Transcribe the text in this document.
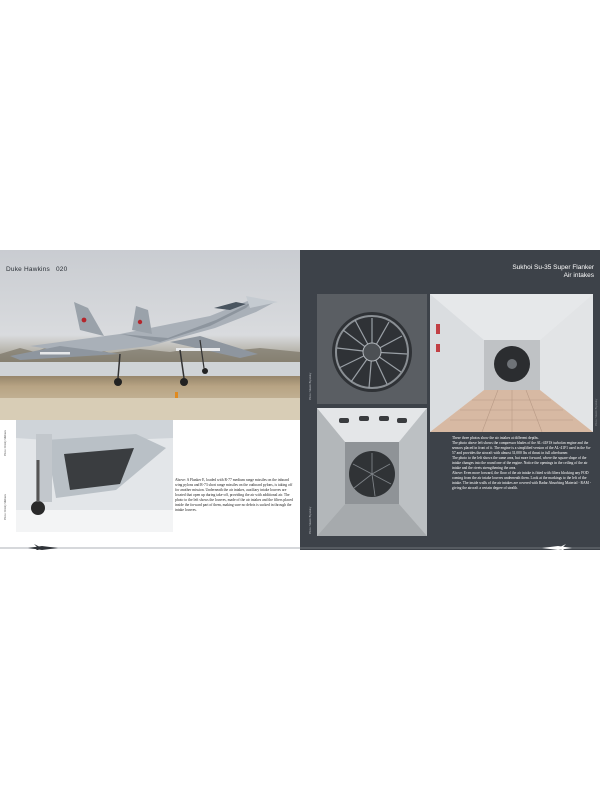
Duke Hawkins 020
Photo: Dmitry Mikheev
Photo: Dmitry Mikheev
Above: A Flanker E, loaded with R-77 medium range missiles on the inboard wing pylons and R-73 short range missiles on the outboard pylons, is taking off for another mission. Underneath the air intakes, auxiliary intake louvres are located that open up during take-off, providing the air with additional air. The photo to the left shows the louvres, made of the air intakes and the filters placed inside the forward part of them, making sure no debris is sucked in through the intake louvres.
Sukhoi Su-35 Super Flanker
Air intakes
Photo: Maxim Bryansky
Photo: Maxim Bryansky
Photo: Maxim Bryansky

These three photos show the air intakes at different depths.

The photo above left shows the compressor blades of the AL-41F1S turbofan engine and the sensors placed in front of it. The engine is a simplified version of the AL-41F1 used in the Su-57 and provides the aircraft with almost 31,000 lbs of thrust in full afterburner.

The photo to the left shows the same area, but more forward, where the square shape of the intake changes into the round one of the engine. Notice the openings in the ceiling of the air intake and the rivets strengthening the area.

Above: Even more forward, the floor of the air intake is fitted with filters blocking any FOD coming from the air intake louvres underneath them. Look at the markings to the left of the intake. The inside walls of the air intakes are covered with Radar Absorbing Material - RAM - giving the aircraft a certain degree of stealth.
